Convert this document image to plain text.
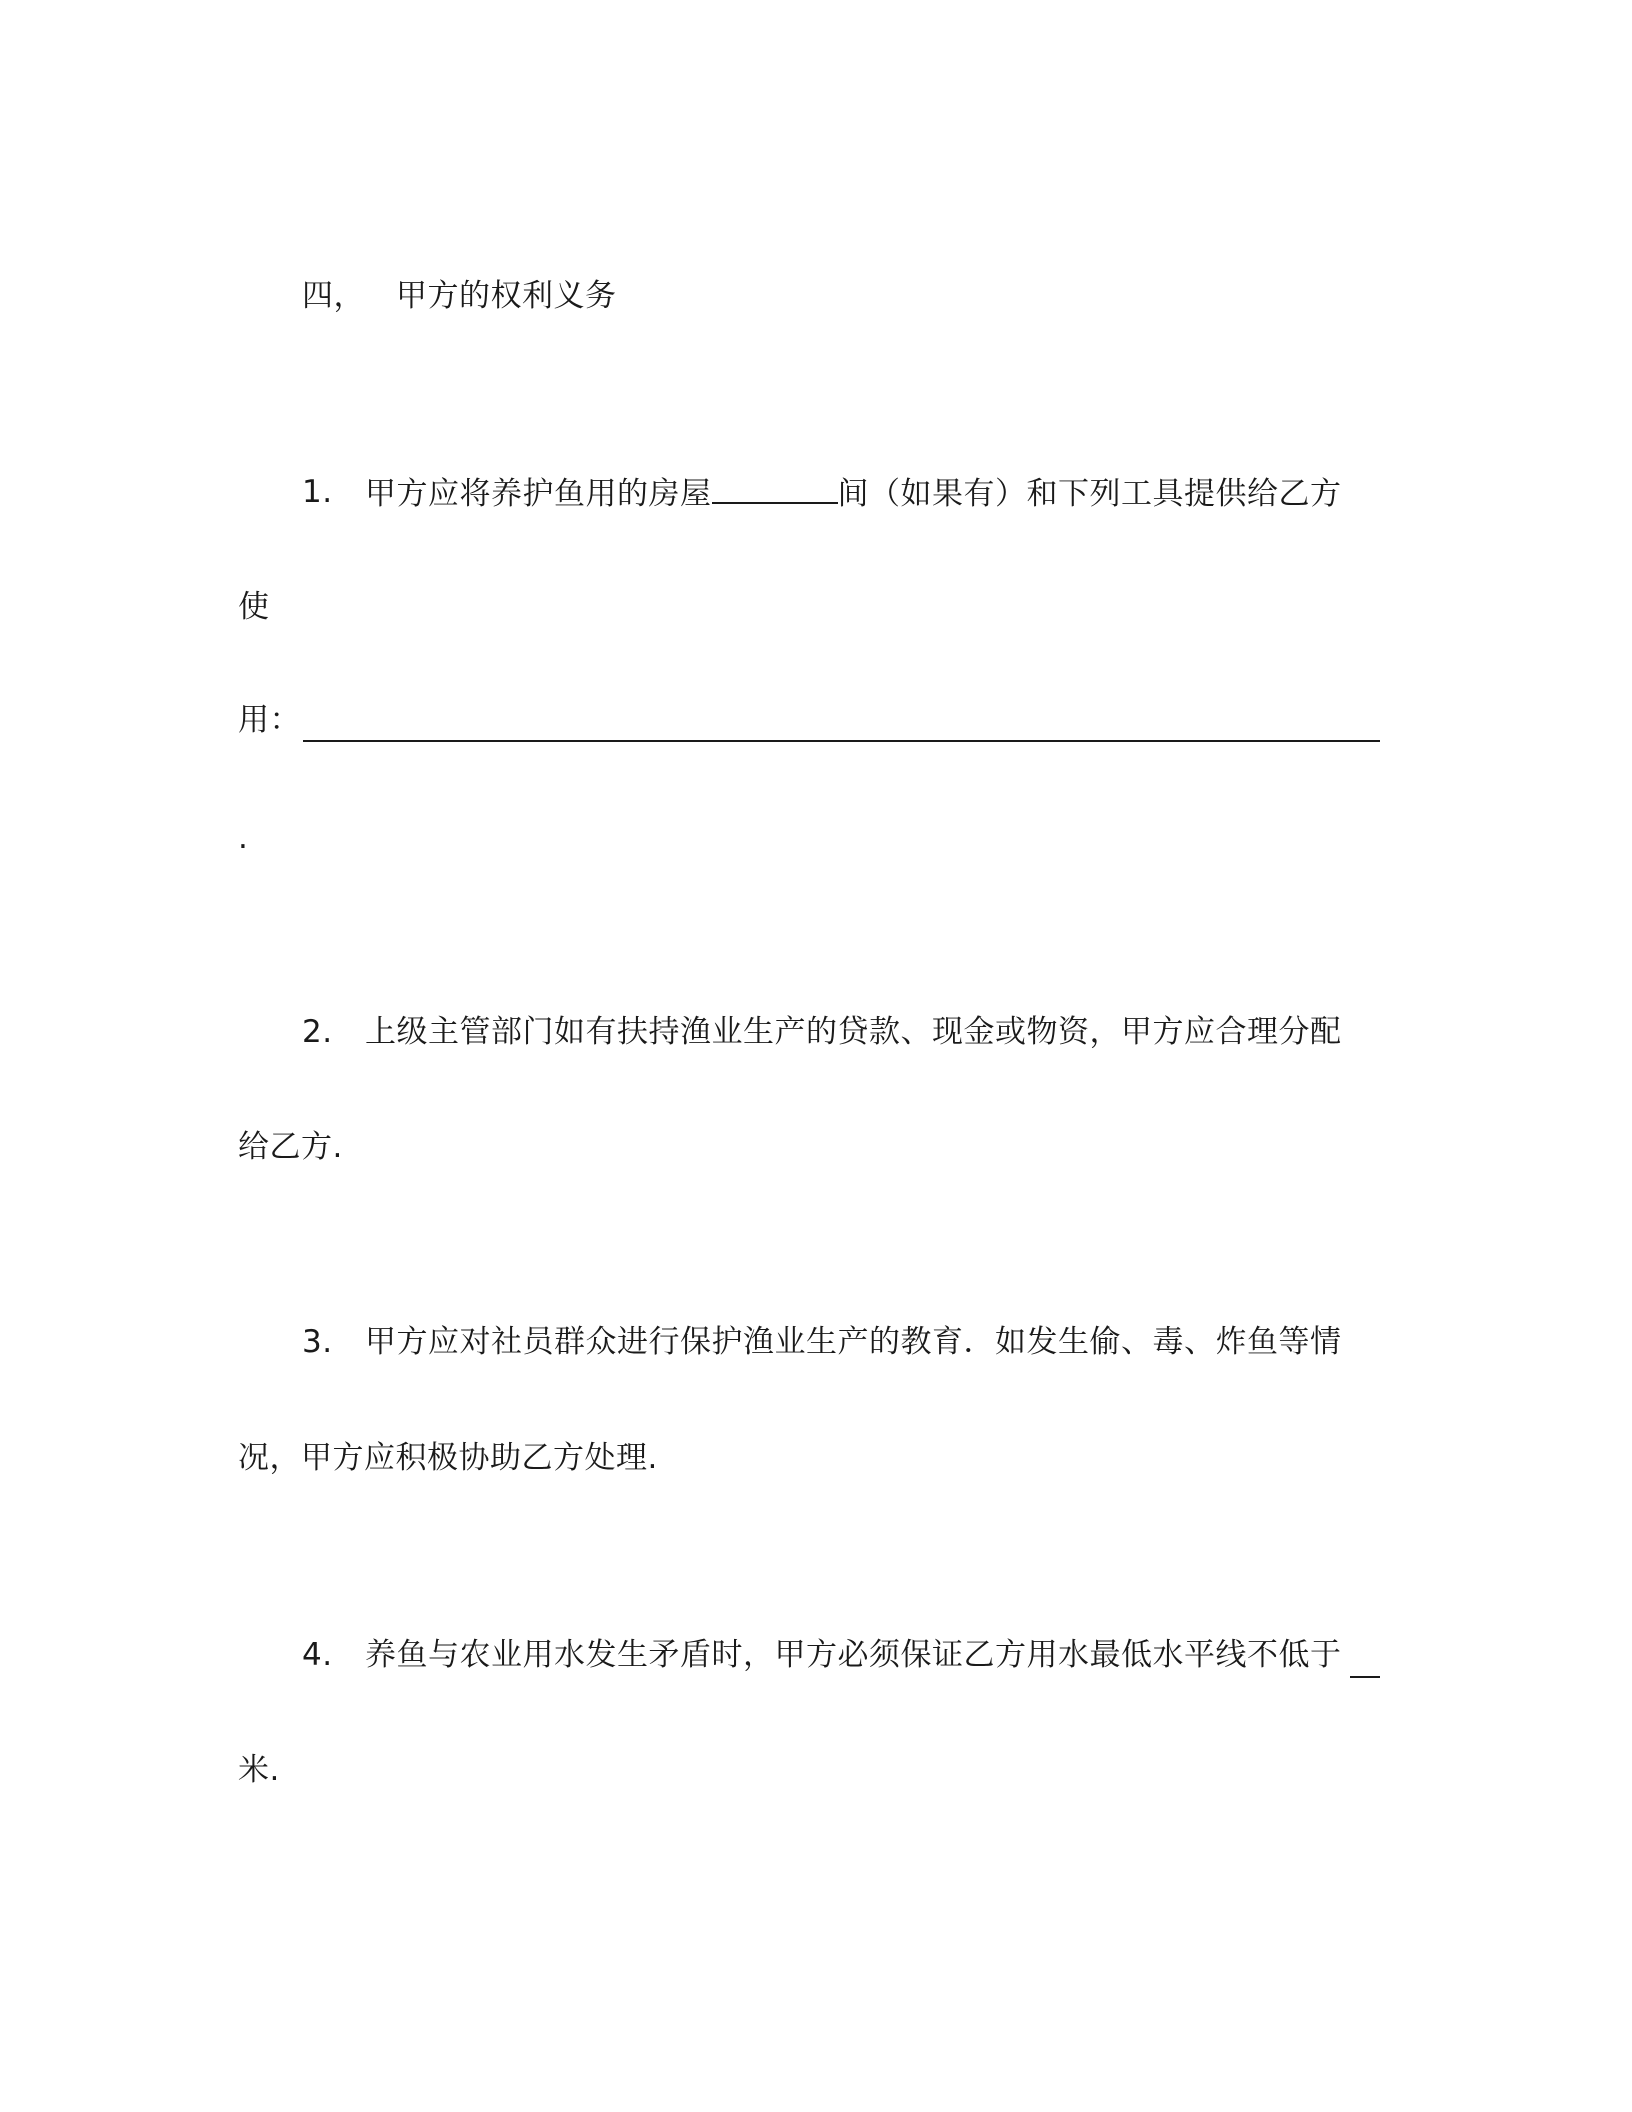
四， 甲方的权利义务
1. 甲方应将养护鱼用的房屋	间（如果有）和下列工具提供给乙方
使
用：
.
2. 上级主管部门如有扶持渔业生产的贷款、现金或物资，甲方应合理分配
给乙方.
3. 甲方应对社员群众进行保护渔业生产的教育．如发生偷、毒、炸鱼等情
况，甲方应积极协助乙方处理.
4. 养鱼与农业用水发生矛盾时，甲方必须保证乙方用水最低水平线不低于
米.
